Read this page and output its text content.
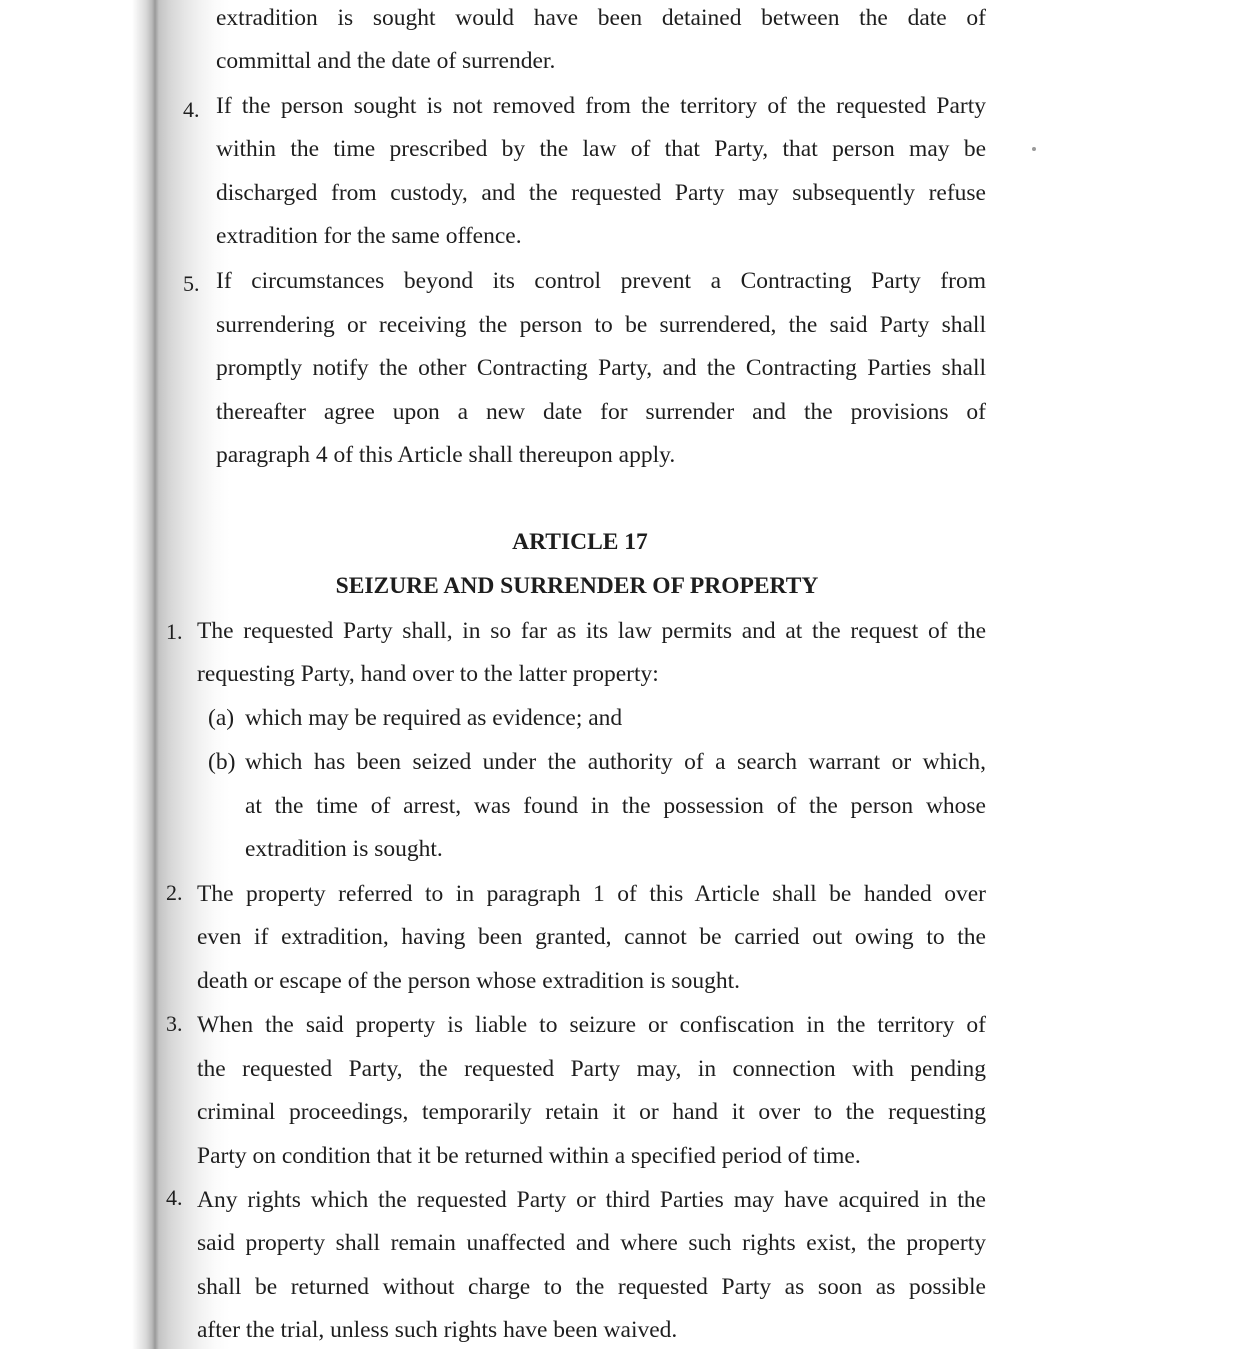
extradition is sought would have been detained between the date of
committal and the date of surrender.
4. If the person sought is not removed from the territory of the requested Party
within the time prescribed by the law of that Party, that person may be
discharged from custody, and the requested Party may subsequently refuse
extradition for the same offence.
5. If circumstances beyond its control prevent a Contracting Party from
surrendering or receiving the person to be surrendered, the said Party shall
promptly notify the other Contracting Party, and the Contracting Parties shall
thereafter agree upon a new date for surrender and the provisions of
paragraph 4 of this Article shall thereupon apply.
ARTICLE 17
SEIZURE AND SURRENDER OF PROPERTY
1. The requested Party shall, in so far as its law permits and at the request of the
requesting Party, hand over to the latter property:
(a) which may be required as evidence; and
(b) which has been seized under the authority of a search warrant or which,
at the time of arrest, was found in the possession of the person whose
extradition is sought.
2. The property referred to in paragraph 1 of this Article shall be handed over
even if extradition, having been granted, cannot be carried out owing to the
death or escape of the person whose extradition is sought.
3. When the said property is liable to seizure or confiscation in the territory of
the requested Party, the requested Party may, in connection with pending
criminal proceedings, temporarily retain it or hand it over to the requesting
Party on condition that it be returned within a specified period of time.
4. Any rights which the requested Party or third Parties may have acquired in the
said property shall remain unaffected and where such rights exist, the property
shall be returned without charge to the requested Party as soon as possible
after the trial, unless such rights have been waived.
